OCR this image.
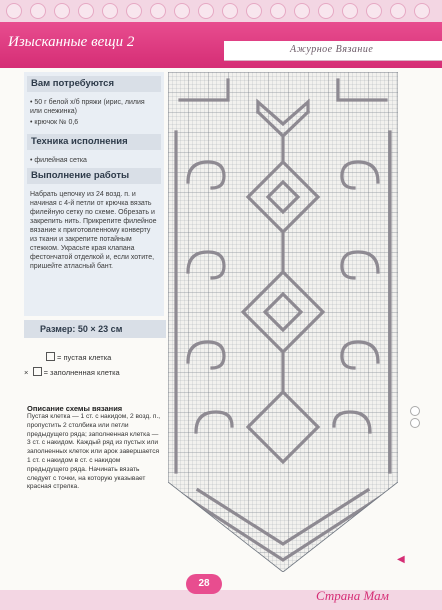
Изысканные вещи 2	Ажурное Вязание
Вам потребуются
• 50 г белой х/б пряжи (ирис, лилия или снежинка)
• крючок № 0,6
Техника исполнения
• филейная сетка
Выполнение работы
Набрать цепочку из 24 возд. п. и начиная с 4-й петли от крючка вязать филейную сетку по схеме. Обрезать и закрепить нить. Прикрепите филейное вязание к приготовленному конверту из ткани и закрепите потайным стежком. Украсьте края клапана фестончатой отделкой и, если хотите, пришейте атласный бант.
Размер: 50 × 23 см
= пустая клетка
× = заполненная клетка
Описание схемы вязания
Пустая клетка — 1 ст. с накидом, 2 возд. п., пропустить 2 столбика или петли предыдущего ряда; заполненная клетка — 3 ст. с накидом. Каждый ряд из пустых или заполненных клеток или арок завершается 1 ст. с накидом в ст. с накидом предыдущего ряда. Начинать вязать следует с точки, на которую указывает красная стрелка.
◀
28
Страна Мам
